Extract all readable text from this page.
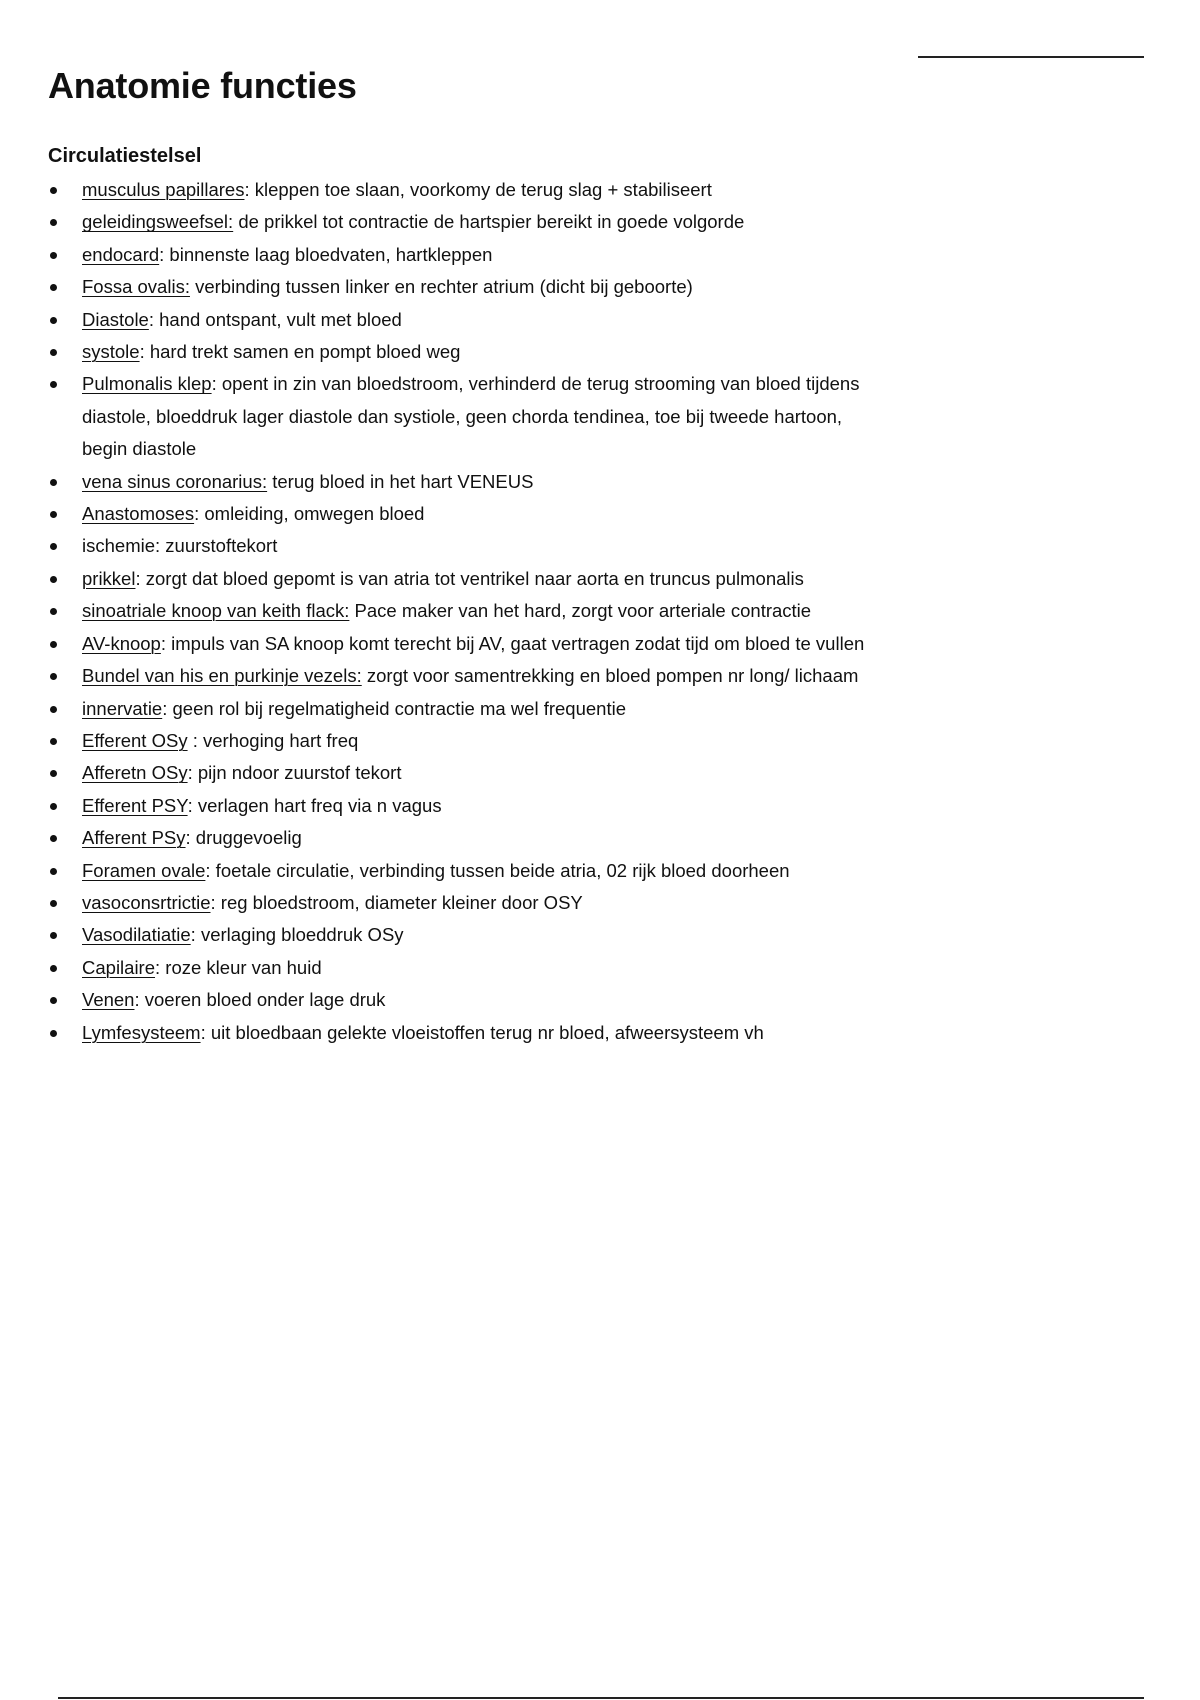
Anatomie functies
Circulatiestelsel
musculus papillares: kleppen toe slaan, voorkomy de terug slag + stabiliseert
geleidingsweefsel: de prikkel tot contractie de hartspier bereikt in goede volgorde
endocard: binnenste laag bloedvaten, hartkleppen
Fossa ovalis: verbinding tussen linker en rechter atrium (dicht bij geboorte)
Diastole: hand ontspant, vult met bloed
systole: hard trekt samen en pompt bloed weg
Pulmonalis klep: opent in zin van bloedstroom, verhinderd de terug strooming van bloed tijdens diastole, bloeddruk lager diastole dan systiole, geen chorda tendinea, toe bij tweede hartoon, begin diastole
vena sinus coronarius: terug bloed in het hart VENEUS
Anastomoses: omleiding, omwegen bloed
ischemie: zuurstoftekort
prikkel: zorgt dat bloed gepomt is van atria tot ventrikel naar aorta en truncus pulmonalis
sinoatriale knoop van keith flack: Pace maker van het hard, zorgt voor arteriale contractie
AV-knoop: impuls van SA knoop komt terecht bij AV, gaat vertragen zodat tijd om bloed te vullen
Bundel van his en purkinje vezels: zorgt voor samentrekking en bloed pompen nr long/ lichaam
innervatie: geen rol bij regelmatigheid contractie ma wel frequentie
Efferent OSy : verhoging hart freq
Afferetn OSy: pijn ndoor zuurstof tekort
Efferent PSY: verlagen hart freq via n vagus
Afferent PSy: druggevoelig
Foramen ovale: foetale circulatie, verbinding tussen beide atria, 02 rijk bloed doorheen
vasoconsrtrictie: reg bloedstroom, diameter kleiner door OSY
Vasodilatiatie: verlaging bloeddruk OSy
Capilaire: roze kleur van huid
Venen: voeren bloed onder lage druk
Lymfesysteem: uit bloedbaan gelekte vloeistoffen terug nr bloed, afweersysteem vh
